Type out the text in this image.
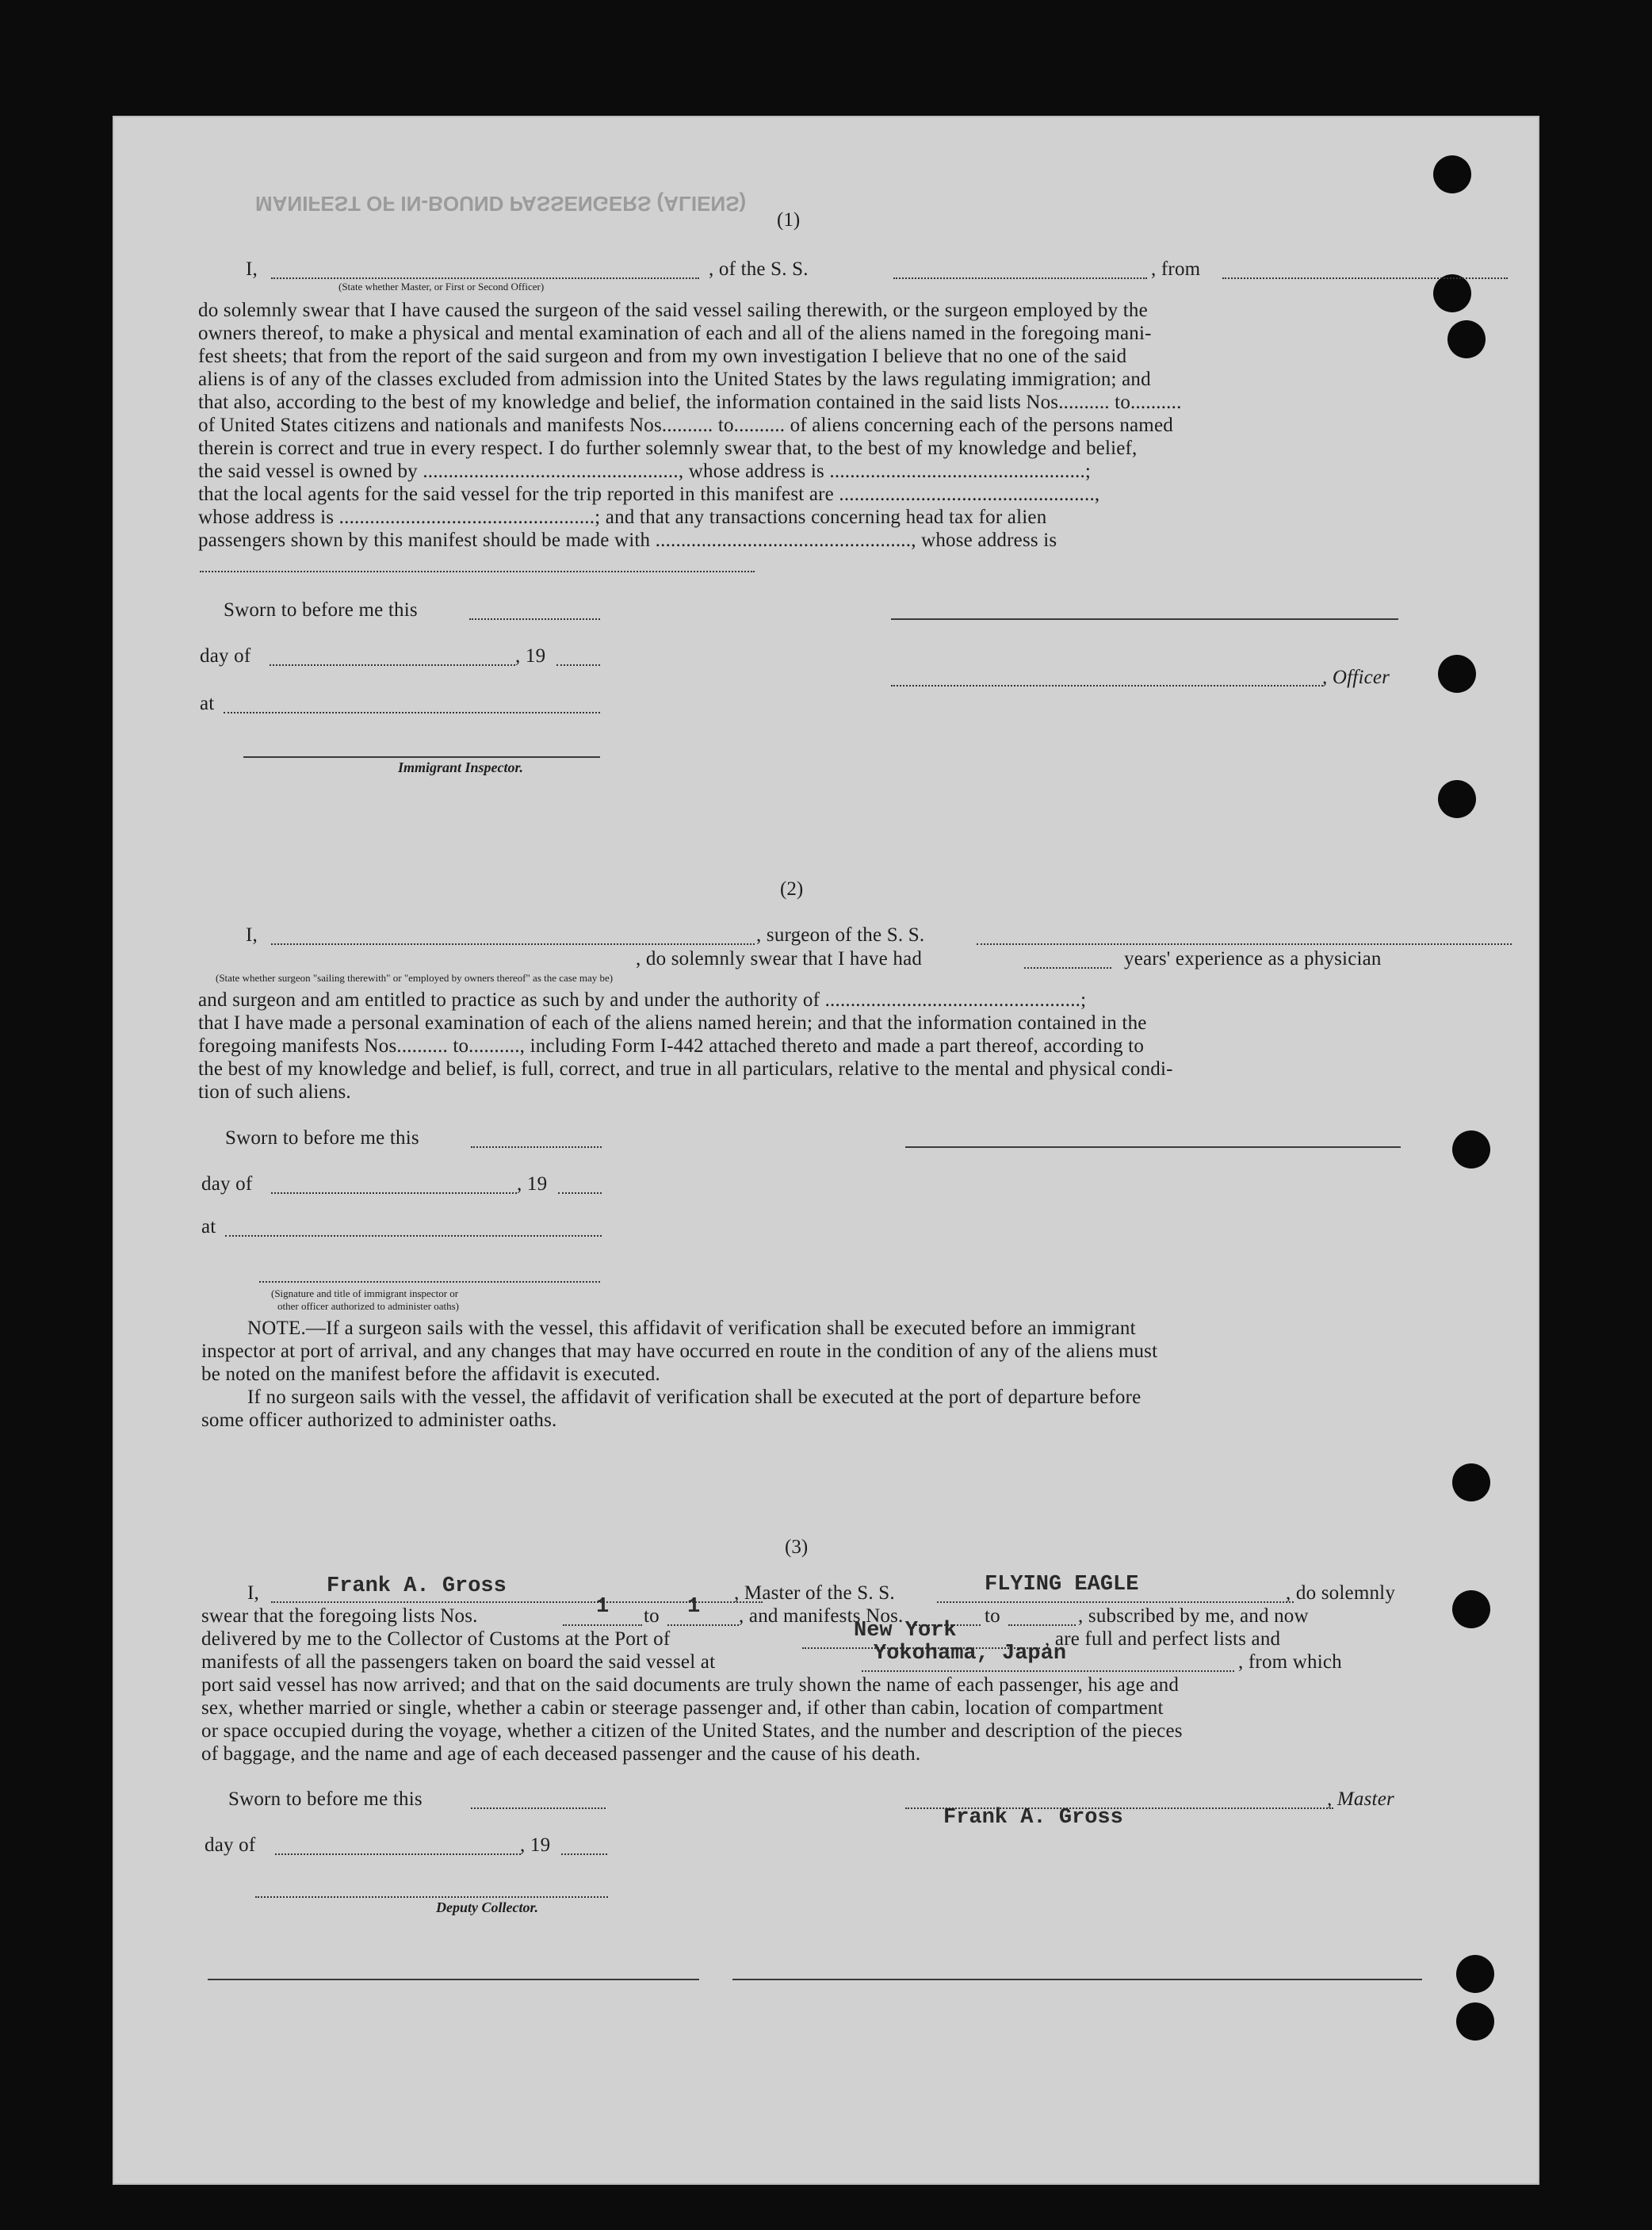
MANIFEST OF IN-BOUND PASSENGERS (ALIENS)
(1)
I,	, of the S. S.	, from
(State whether Master, or First or Second Officer)
do solemnly swear that I have caused the surgeon of the said vessel sailing therewith, or the surgeon employed by the
owners thereof, to make a physical and mental examination of each and all of the aliens named in the foregoing mani-
fest sheets; that from the report of the said surgeon and from my own investigation I believe that no one of the said
aliens is of any of the classes excluded from admission into the United States by the laws regulating immigration; and
that also, according to the best of my knowledge and belief, the information contained in the said lists Nos.......... to..........
of United States citizens and nationals and manifests Nos.......... to.......... of aliens concerning each of the persons named
therein is correct and true in every respect. I do further solemnly swear that, to the best of my knowledge and belief,
the said vessel is owned by .................................................., whose address is ..................................................;
that the local agents for the said vessel for the trip reported in this manifest are ..................................................,
whose address is ..................................................; and that any transactions concerning head tax for alien
passengers shown by this manifest should be made with .................................................., whose address is
Sworn to before me this
day of	, 19
, Officer
at
Immigrant Inspector.
(2)
I,	, surgeon of the S. S.
, do solemnly swear that I have had	years' experience as a physician
(State whether surgeon "sailing therewith" or "employed by owners thereof" as the case may be)
and surgeon and am entitled to practice as such by and under the authority of ..................................................;
that I have made a personal examination of each of the aliens named herein; and that the information contained in the
foregoing manifests Nos.......... to.........., including Form I-442 attached thereto and made a part thereof, according to
the best of my knowledge and belief, is full, correct, and true in all particulars, relative to the mental and physical condi-
tion of such aliens.
Sworn to before me this
day of	, 19
at
(Signature and title of immigrant inspector or
other officer authorized to administer oaths)
NOTE.—If a surgeon sails with the vessel, this affidavit of verification shall be executed before an immigrant
inspector at port of arrival, and any changes that may have occurred en route in the condition of any of the aliens must
be noted on the manifest before the affidavit is executed.
If no surgeon sails with the vessel, the affidavit of verification shall be executed at the port of departure before
some officer authorized to administer oaths.
(3)
I,	Frank A. Gross	, Master of the S. S.	FLYING EAGLE	, do solemnly
swear that the foregoing lists Nos.	1 to 1 , and manifests Nos.	to	, subscribed by me, and now
delivered by me to the Collector of Customs at the Port of	New York	, are full and perfect lists and
manifests of all the passengers taken on board the said vessel at	Yokohama, Japan	, from which
port said vessel has now arrived; and that on the said documents are truly shown the name of each passenger, his age and
sex, whether married or single, whether a cabin or steerage passenger and, if other than cabin, location of compartment
or space occupied during the voyage, whether a citizen of the United States, and the number and description of the pieces
of baggage, and the name and age of each deceased passenger and the cause of his death.
Sworn to before me this	, Master
Frank A. Gross
day of	, 19
Deputy Collector.
